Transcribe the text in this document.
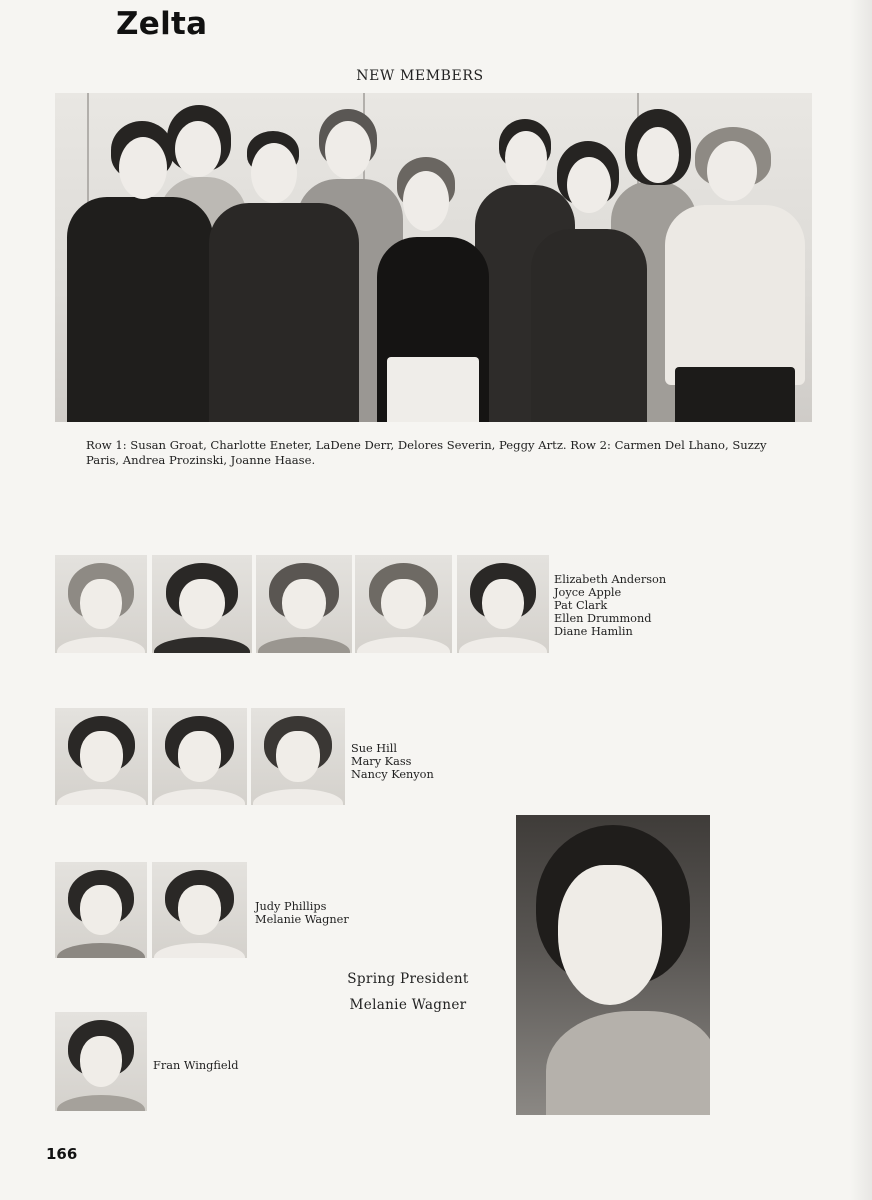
Zelta
NEW MEMBERS
Row 1: Susan Groat, Charlotte Eneter, LaDene Derr, Delores Severin, Peggy Artz. Row 2: Carmen Del Lhano, Suzzy Paris, Andrea Prozinski, Joanne Haase.
Elizabeth Anderson
Joyce Apple
Pat Clark
Ellen Drummond
Diane Hamlin
Sue Hill
Mary Kass
Nancy Kenyon
Judy Phillips
Melanie Wagner
Fran Wingfield
Spring President
Melanie Wagner
166
